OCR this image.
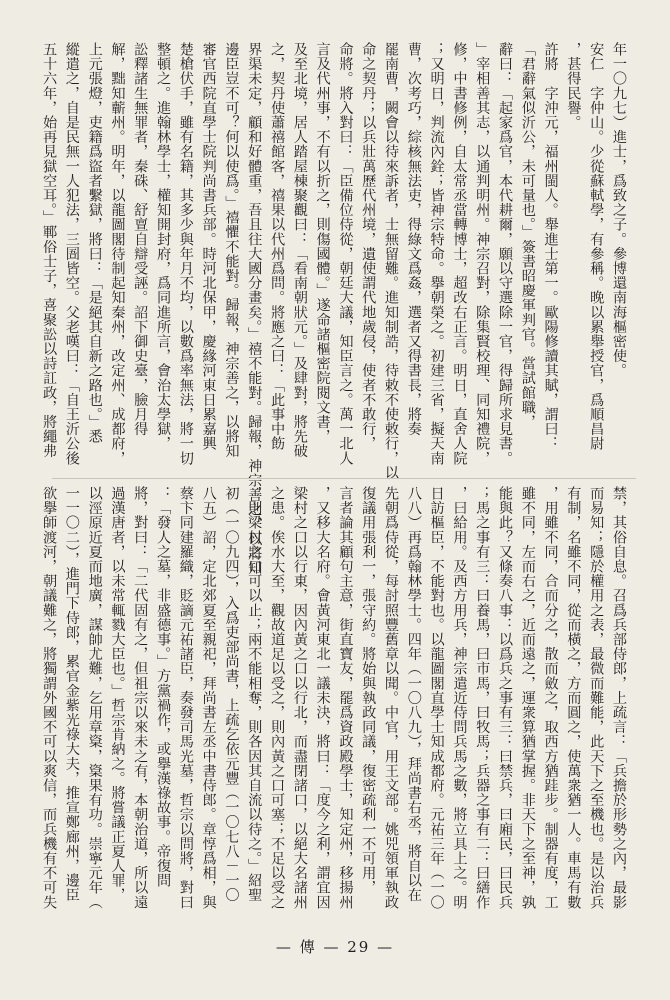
年一〇九七）進士，爲致之子。參博還南海樞密使。
安仁　字仲山。少從蘇軾學，有參稱。晚以累舉授官，爲順昌尉
，甚得民譽。
許將　字沖元，福州閩人。舉進士第一。歐陽修讀其賦，謂曰：
「君辭氣似沂公，未可量也。」簽書昭慶軍判官。當試館職，
辭曰：「起家爲官，本代耕爾，願以守選除一官，得歸所求見書。
」宰相善其志，以通判明州。神宗召對，除集賢校理、同知禮院，
修，中書修例，自太常丞當轉博士，超改右正言。明日，直舍人院
；又明日，判流內銓；皆神宗特命。擧朝榮之。初建三省，擬天南
曹，次考巧，綜核無法吏，得綠文爲姦，選者又得書長，將奏
罷南曹，闕會以待來訴者，士無留難。進知制誥，待敕不使敕行，以
命之契丹；以兵壯萬歷代州境，遺使謂代地歲侵，使者不敢行，
命將。將入對曰：「臣備位侍從，朝廷大議，知臣言之。萬一北人
言及代州事，不有以折之，則傷國體。」遂命諸樞密院閱文書，
及至北境，居人踏屋棟聚觀曰：「看南朝狀元。」及肆對，將先破
之，契丹使蕭禧館客，禧果以代州爲問。將應之曰：「此事中飭
界渠未定，顧和好體重，吾且往大國分畫矣。」禧不能對。歸報，神宗善之，以將知
邊臣豈不可？何以使爲。」禧懼不能對。歸報，神宗善之，以將知
審官西院直學士院判尚書兵部。時河北保甲，慶緣河東日累嘉興
楚槍伏手，雖有名籍，其多少與年月不均，以數爲率無法，將一切
整頓之。進翰林學士，權知開封府，爲同進所言，會治太學獄，
訟釋諸生無罪者，秦硃、舒亶自辯受誣。詔下御史臺，臉月得
解，黜知蘄州。明年，以龍圖閣待制起知秦州，改定州、成都府，
上元張燈，吏籍爲盜者繫獄，將曰：「是絕其自新之路也。」悉
縱遣之，自是民無一人犯法，三圄皆空。父老嘆曰：「自王沂公後
五十六年，始再見獄空耳。」鄆俗士子，喜聚訟以詩訌政，將繩弗
禁，其俗自息。召爲兵部侍郎，上疏言：「兵擔於形勢之內，最影
而易知；隱於權用之表，最微而難能，此天下之至機也。是以治兵
有制，名雖不同，從而橫之，方而圓之，使萬衆猶一人。車馬有數
，用雖不同，合而分之，散而斂之，取西方猶跬步。制器有度，工
雖不同，左而右之，近而遠之，運衆算猶掌握。非天下之至神，孰
能與此？又條奏八事：以爲兵之事有三：曰禁兵，曰廂民，曰民兵
；馬之事有三：曰養馬，曰市馬，曰牧馬；兵器之事有二：曰繕作
，曰給用。及西方用兵，神宗遣近侍問兵馬之數，將立具上之。明
日訪樞臣，不能對也。以龍圖閣直學士知成都府。元祐三年（一〇
八八）再爲翰林學士。四年（一〇八九），拜尚書右丞，將自以在
先朝爲侍從，每討照豐舊章以聞。中官，用王文部。姚兕領軍執政
復議用張利一，張守約。將始與執政同議，復密疏利一不可用，
言者論其顧句主意，街直寶友，罷爲資政殿學士，知定州，移揚州
，又移大名府。會黃河東北一議未決，將曰：「度今之利，謂宜因
梁村之口以行東，因內黃之口以行北，而盡閉諸口，以絕大名諸州
之患。俟水大至，觀故道足以受之，則內黃之口可塞；不足以受之
，則梁村之口可以止；兩不能相奪，則各因其自流以待之。」紹聖
初（一〇九四），入爲吏部尚書，上疏乞依元豐（一〇七八－一〇
八五）詔，定北郊夏至親祀，拜尚書左丞中書侍郎。章惇爲相，與
蔡卞同建羅織，貶謫元祐諸臣，奏發司馬光墓，哲宗以問將，對曰
：「發人之墓，非盛德事。」方黨禍作，或擧漢祿故事。帝復問
將，對曰：「二代固有之，但祖宗以來未之有，本朝治道，所以遠
過漢唐者，以未常輒戮大臣也。」哲宗肯納之。將嘗議正夏人罪，
以涇原近夏而地廣，謀帥尤難，乞用章楶，楶果有功。崇寧元年（
一一〇二），進門下侍郎，累官金紫光祿大夫，推宣鄭廊州，邊臣
欲擧師渡河，朝議難之，將獨謂外國不可以爽信，而兵機有不可失
— 傳 — 29 —
